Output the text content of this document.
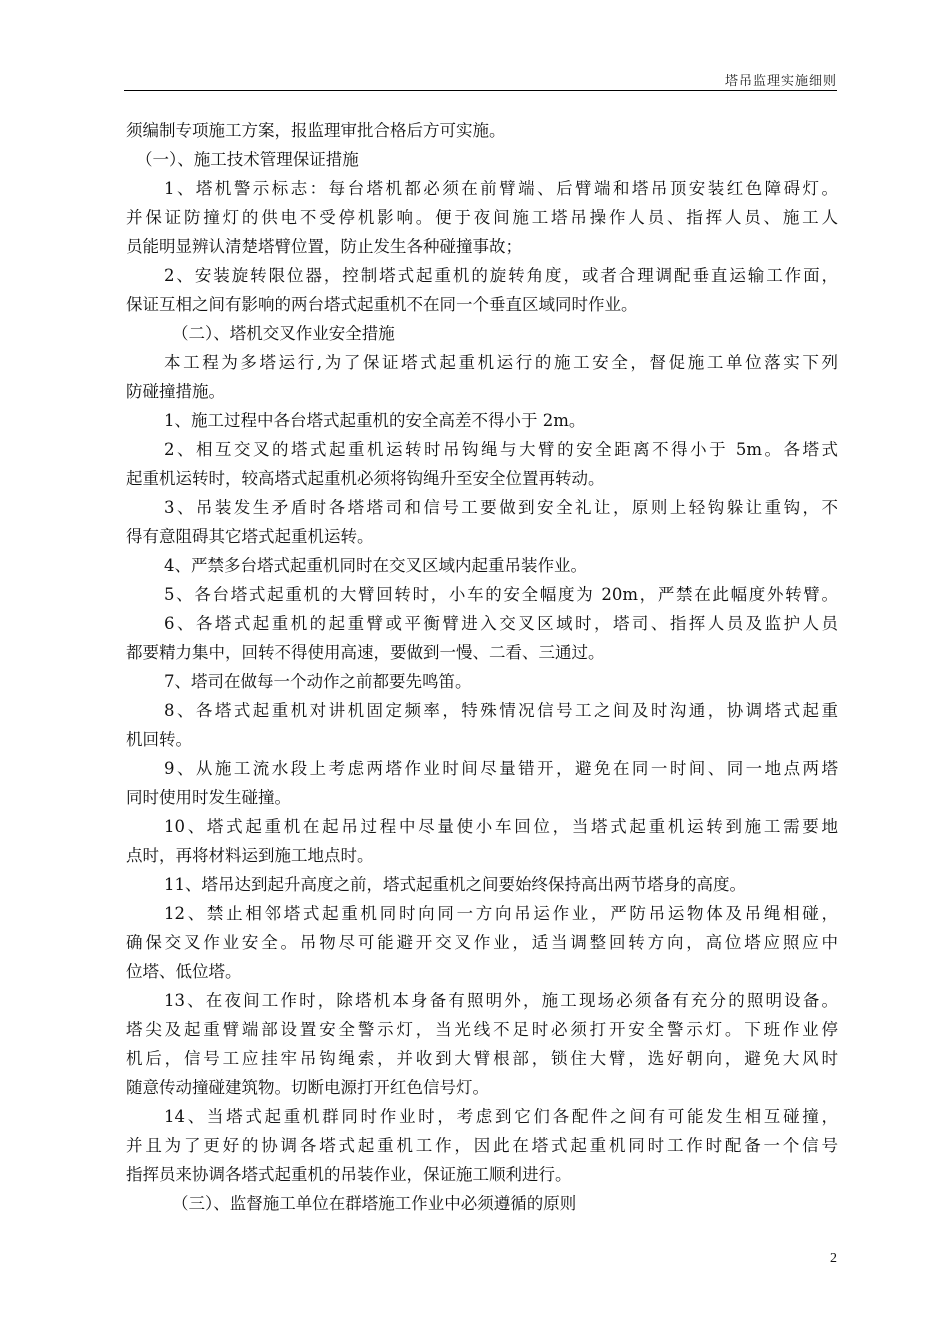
塔吊监理实施细则
须编制专项施工方案，报监理审批合格后方可实施。
（一）、施工技术管理保证措施
1、塔机警示标志：每台塔机都必须在前臂端、后臂端和塔吊顶安装红色障碍灯。
并保证防撞灯的供电不受停机影响。便于夜间施工塔吊操作人员、指挥人员、施工人
员能明显辨认清楚塔臂位置，防止发生各种碰撞事故；
2、安装旋转限位器，控制塔式起重机的旋转角度，或者合理调配垂直运输工作面，
保证互相之间有影响的两台塔式起重机不在同一个垂直区域同时作业。
（二）、塔机交叉作业安全措施
本工程为多塔运行,为了保证塔式起重机运行的施工安全，督促施工单位落实下列
防碰撞措施。
1、施工过程中各台塔式起重机的安全高差不得小于 2m。
2、相互交叉的塔式起重机运转时吊钩绳与大臂的安全距离不得小于 5m。各塔式
起重机运转时，较高塔式起重机必须将钩绳升至安全位置再转动。
3、吊装发生矛盾时各塔塔司和信号工要做到安全礼让，原则上轻钩躲让重钩，不
得有意阻碍其它塔式起重机运转。
4、严禁多台塔式起重机同时在交叉区域内起重吊装作业。
5、各台塔式起重机的大臂回转时，小车的安全幅度为 20m，严禁在此幅度外转臂。
6、各塔式起重机的起重臂或平衡臂进入交叉区域时，塔司、指挥人员及监护人员
都要精力集中，回转不得使用高速，要做到一慢、二看、三通过。
7、塔司在做每一个动作之前都要先鸣笛。
8、各塔式起重机对讲机固定频率，特殊情况信号工之间及时沟通，协调塔式起重
机回转。
9、从施工流水段上考虑两塔作业时间尽量错开，避免在同一时间、同一地点两塔
同时使用时发生碰撞。
10、塔式起重机在起吊过程中尽量使小车回位，当塔式起重机运转到施工需要地
点时，再将材料运到施工地点时。
11、塔吊达到起升高度之前，塔式起重机之间要始终保持高出两节塔身的高度。
12、禁止相邻塔式起重机同时向同一方向吊运作业，严防吊运物体及吊绳相碰，
确保交叉作业安全。吊物尽可能避开交叉作业，适当调整回转方向，高位塔应照应中
位塔、低位塔。
13、在夜间工作时，除塔机本身备有照明外，施工现场必须备有充分的照明设备。
塔尖及起重臂端部设置安全警示灯，当光线不足时必须打开安全警示灯。下班作业停
机后，信号工应挂牢吊钩绳索，并收到大臂根部，锁住大臂，选好朝向，避免大风时
随意传动撞碰建筑物。切断电源打开红色信号灯。
14、当塔式起重机群同时作业时，考虑到它们各配件之间有可能发生相互碰撞，
并且为了更好的协调各塔式起重机工作，因此在塔式起重机同时工作时配备一个信号
指挥员来协调各塔式起重机的吊装作业，保证施工顺利进行。
（三）、监督施工单位在群塔施工作业中必须遵循的原则
2
